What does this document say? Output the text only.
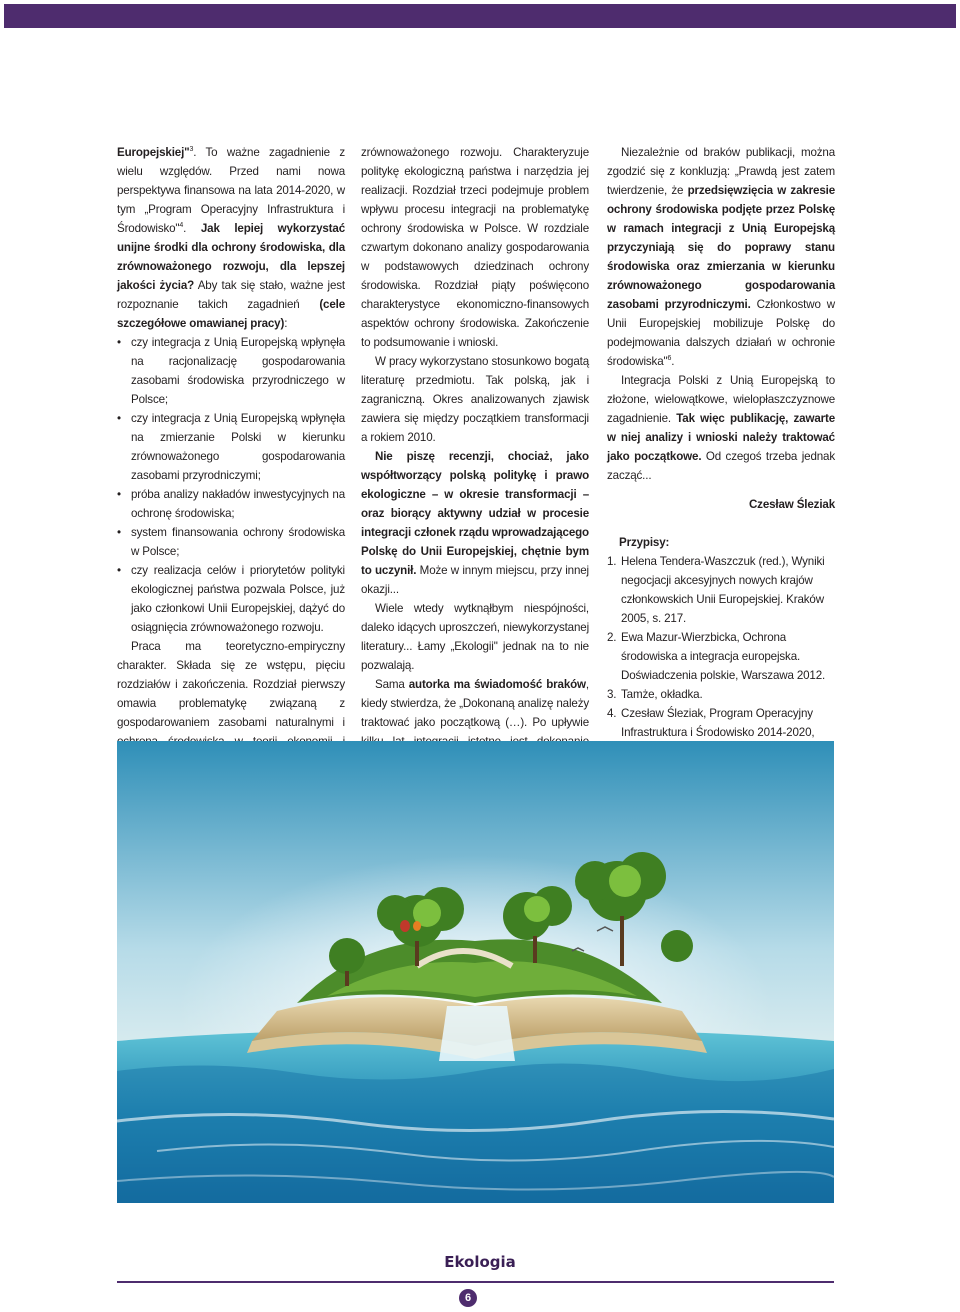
Europejskiej"$^3$. To ważne zagadnienie z wielu względów. Przed nami nowa perspektywa finansowa na lata 2014-2020, w tym „Program Operacyjny Infrastruktura i Środowisko"$^4$. Jak lepiej wykorzystać unijne środki dla ochrony środowiska, dla zrównoważonego rozwoju, dla lepszej jakości życia? Aby tak się stało, ważne jest rozpoznanie takich zagadnień (cele szczegółowe omawianej pracy):

• czy integracja z Unią Europejską wpłynęła na racjonalizację gospodarowania zasobami środowiska przyrodniczego w Polsce;
• czy integracja z Unią Europejską wpłynęła na zmierzanie Polski w kierunku zrównoważonego gospodarowania zasobami przyrodniczymi;
• próba analizy nakładów inwestycyjnych na ochronę środowiska;
• system finansowania ochrony środowiska w Polsce;
• czy realizacja celów i priorytetów polityki ekologicznej państwa pozwala Polsce, już jako członkowi Unii Europejskiej, dążyć do osiągnięcia zrównoważonego rozwoju.

Praca ma teoretyczno-empiryczny charakter. Składa się ze wstępu, pięciu rozdziałów i zakończenia. Rozdział pierwszy omawia problematykę związaną z gospodarowaniem zasobami naturalnymi i

zrównoważonego rozwoju. Charakteryzuje politykę ekologiczną państwa i narzędzia jej realizacji. Rozdział trzeci podejmuje problem wpływu procesu integracji na problematykę ochrony środowiska w Polsce. W rozdziale czwartym dokonano analizy gospodarowania w podstawowych dziedzinach ochrony środowiska. Rozdział piąty poświęcono charakterystyce ekonomiczno-finansowych aspektów ochrony środowiska. Zakończenie to podsumowanie i wnioski.

W pracy wykorzystano stosunkowo bogatą literaturę przedmiotu. Tak polską, jak i zagraniczną. Okres analizowanych zjawisk zawiera się między początkiem transformacji a rokiem 2010.

Nie piszę recenzji, chociaż, jako współtworzący polską politykę i prawo ekologiczne – w okresie transformacji – oraz biorący aktywny udział w procesie integracji członek rządu wprowadzającego Polskę do Unii Europejskiej, chętnie bym to uczynił. Może w innym miejscu, przy innej okazji...

Wiele wtedy wytknąłbym niespójności, daleko idących uproszczeń, niewykorzystanej literatury... Łamy „Ekologii" jednak na to nie pozwalają.

Sama autorka ma świadomość braków, kiedy stwierdza, że „Dokonaną analizę należy traktować jako początkową (…). Po upływie

Niezależnie od braków publikacji, można zgodzić się z konkluzją: „Prawdą jest zatem twierdzenie, że przedsięwzięcia w zakresie ochrony środowiska podjęte przez Polskę w ramach integracji z Unią Europejską przyczyniają się do poprawy stanu środowiska oraz zmierzania w kierunku zrównoważonego gospodarowania zasobami przyrodniczymi. Członkostwo w Unii Europejskiej mobilizuje Polskę do podejmowania dalszych działań w ochronie środowiska"$^6$.

Integracja Polski z Unią Europejską to złożone, wielowątkowe, wielopłaszczyznowe zagadnienie. Tak więc publikację, zawarte w niej analizy i wnioski należy traktować jako początkowe. Od czegoś trzeba jednak zacząć...

Czesław Śleziak

Przypisy:

1. Helena Tendera-Waszczuk (red.), Wyniki negocjacji akcesyjnych nowych krajów członkowskich Unii Europejskiej. Kraków 2005, s. 217.
2. Ewa Mazur-Wierzbicka, Ochrona środowiska a integracja europejska. Doświadczenia polskie, Warszawa 2012.
3. Tamże, okładka.
4. Czesław Śleziak, Program Operacyjny Infrastruktura i Środowisko 2014-2020,
Ekologia
6
